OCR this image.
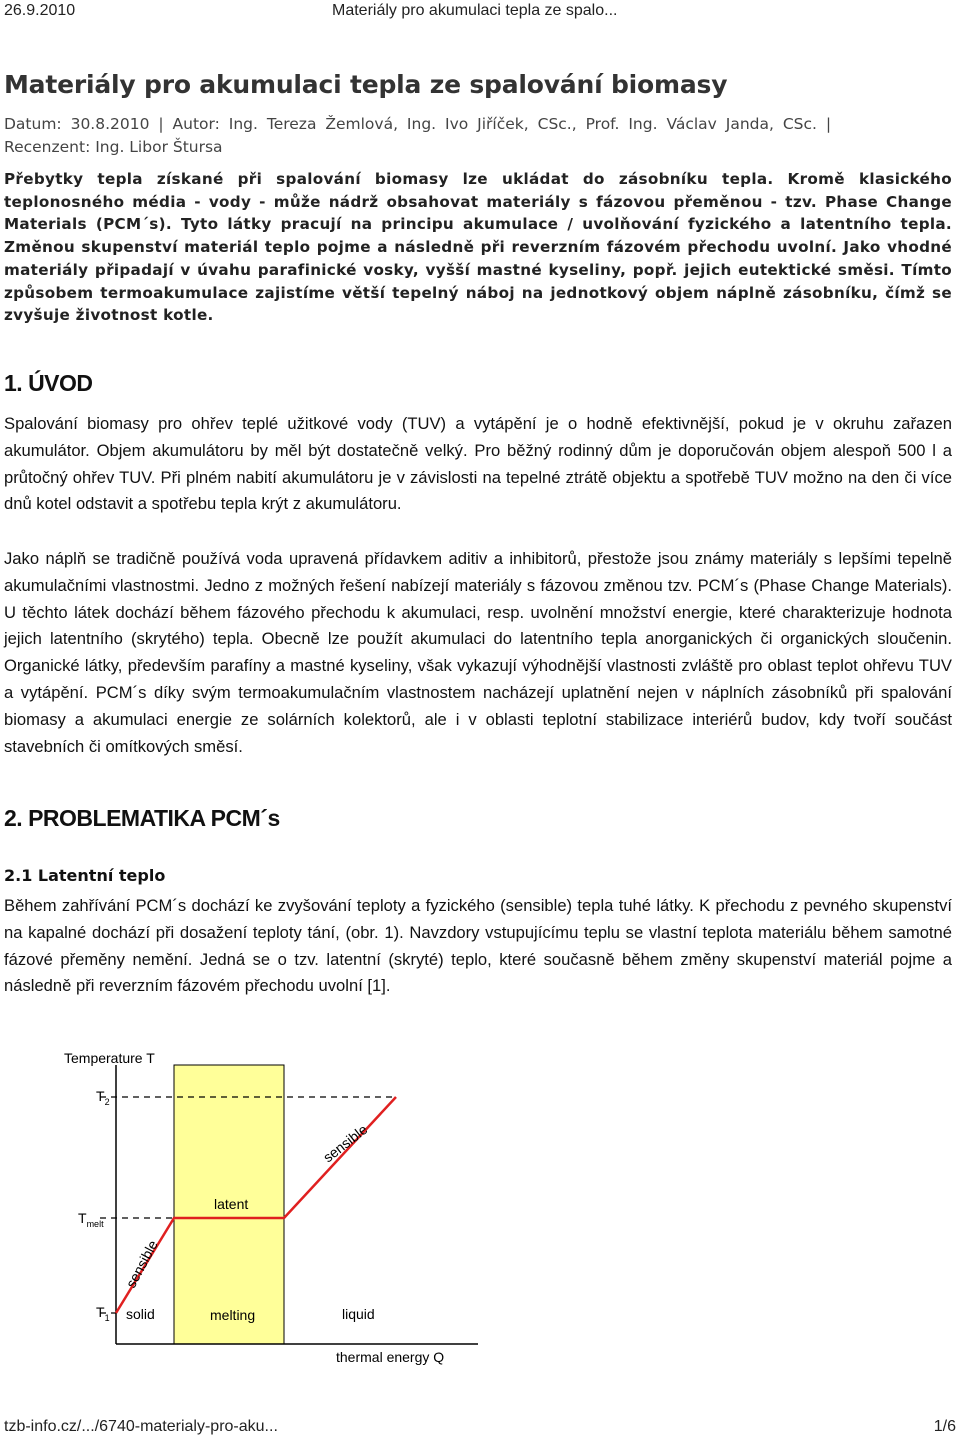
26.9.2010	Materiály pro akumulaci tepla ze spalo...
Materiály pro akumulaci tepla ze spalování biomasy
Datum: 30.8.2010 | Autor: Ing. Tereza Žemlová, Ing. Ivo Jiříček, CSc., Prof. Ing. Václav Janda, CSc. |
Recenzent: Ing. Libor Štursa

Přebytky tepla získané při spalování biomasy lze ukládat do zásobníku tepla. Kromě klasického teplonosného média - vody - může nádrž obsahovat materiály s fázovou přeměnou - tzv. Phase Change Materials (PCM´s). Tyto látky pracují na principu akumulace / uvolňování fyzického a latentního tepla. Změnou skupenství materiál teplo pojme a následně při reverzním fázovém přechodu uvolní. Jako vhodné materiály připadají v úvahu parafinické vosky, vyšší mastné kyseliny, popř. jejich eutektické směsi. Tímto způsobem termoakumulace zajistíme větší tepelný náboj na jednotkový objem náplně zásobníku, čímž se zvyšuje životnost kotle.

1. ÚVOD

Spalování biomasy pro ohřev teplé užitkové vody (TUV) a vytápění je o hodně efektivnější, pokud je v okruhu zařazen akumulátor. Objem akumulátoru by měl být dostatečně velký. Pro běžný rodinný dům je doporučován objem alespoň 500 l a průtočný ohřev TUV. Při plném nabití akumulátoru je v závislosti na tepelné ztrátě objektu a spotřebě TUV možno na den či více dnů kotel odstavit a spotřebu tepla krýt z akumulátoru.

Jako náplň se tradičně používá voda upravená přídavkem aditiv a inhibitorů, přestože jsou známy materiály s lepšími tepelně akumulačními vlastnostmi. Jedno z možných řešení nabízejí materiály s fázovou změnou tzv. PCM´s (Phase Change Materials). U těchto látek dochází během fázového přechodu k akumulaci, resp. uvolnění množství energie, které charakterizuje hodnota jejich latentního (skrytého) tepla. Obecně lze použít akumulaci do latentního tepla anorganických či organických sloučenin. Organické látky, především parafíny a mastné kyseliny, však vykazují výhodnější vlastnosti zvláště pro oblast teplot ohřevu TUV a vytápění. PCM´s díky svým termoakumulačním vlastnostem nacházejí uplatnění nejen v náplních zásobníků při spalování biomasy a akumulaci energie ze solárních kolektorů, ale i v oblasti teplotní stabilizace interiérů budov, kdy tvoří součást stavebních či omítkových směsí.

2. PROBLEMATIKA PCM´s
2.1 Latentní teplo

Během zahřívání PCM´s dochází ke zvyšování teploty a fyzického (sensible) tepla tuhé látky. K přechodu z pevného skupenství na kapalné dochází při dosažení teploty tání, (obr. 1). Navzdory vstupujícímu teplu se vlastní teplota materiálu během samotné fázové přeměny nemění. Jedná se o tzv. latentní (skryté) teplo, které současně během změny skupenství materiál pojme a následně při reverzním fázovém přechodu uvolní [1].

Temperature T
$T_2$
$T_{melt}$
$T_1$
latent
sensible
sensible
solid	melting	liquid
thermal energy Q
tzb-info.cz/.../6740-materialy-pro-aku...	1/6
